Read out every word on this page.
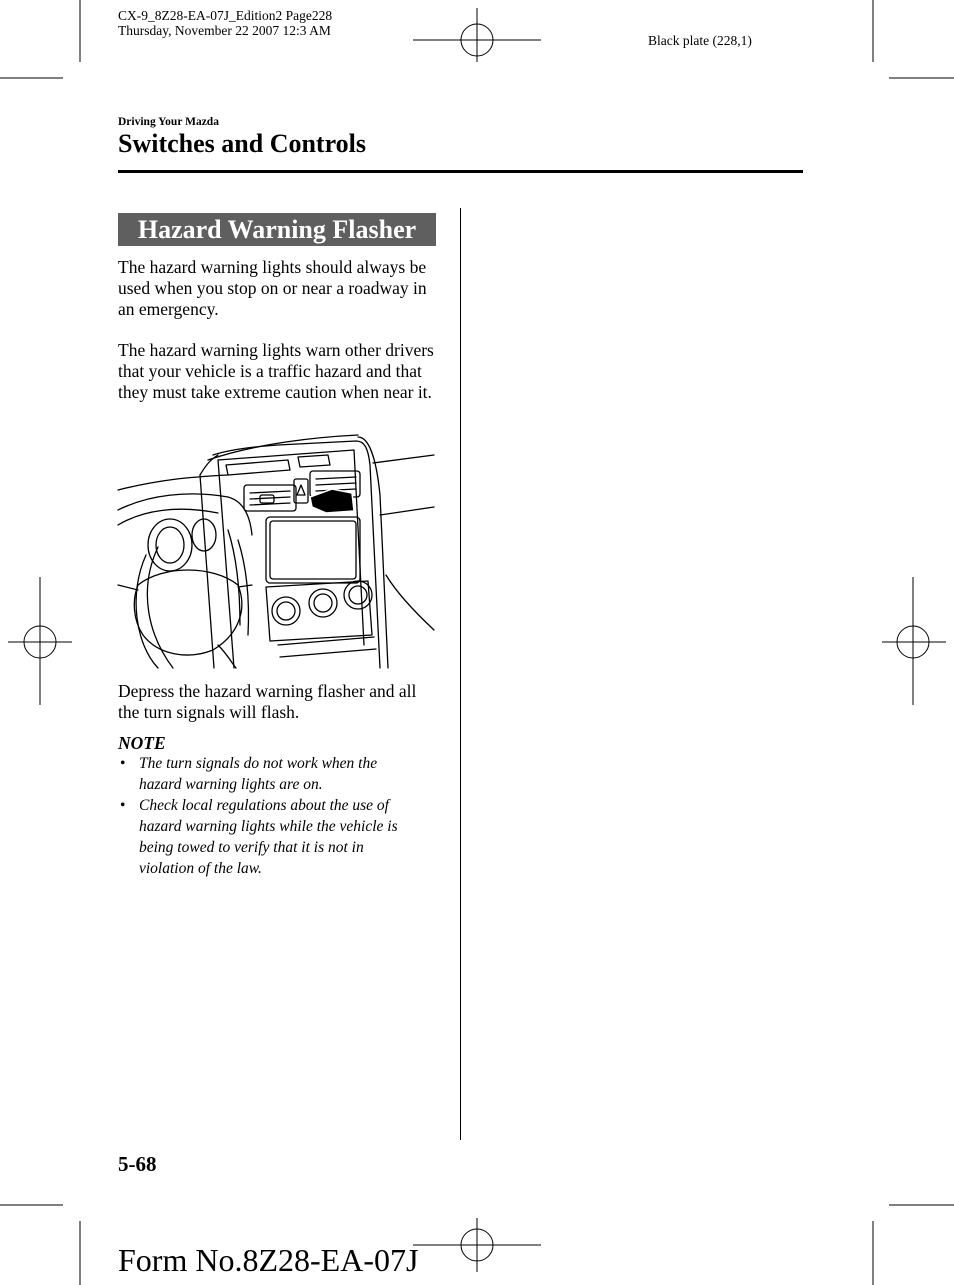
CX-9_8Z28-EA-07J_Edition2 Page228
Thursday, November 22 2007 12:3 AM
Black plate (228,1)
Driving Your Mazda
Switches and Controls
Hazard Warning Flasher
The hazard warning lights should always be used when you stop on or near a roadway in an emergency.
The hazard warning lights warn other drivers that your vehicle is a traffic hazard and that they must take extreme caution when near it.
Depress the hazard warning flasher and all the turn signals will flash.
NOTE
• The turn signals do not work when the hazard warning lights are on.
• Check local regulations about the use of hazard warning lights while the vehicle is being towed to verify that it is not in violation of the law.
5-68
Form No.8Z28-EA-07J
